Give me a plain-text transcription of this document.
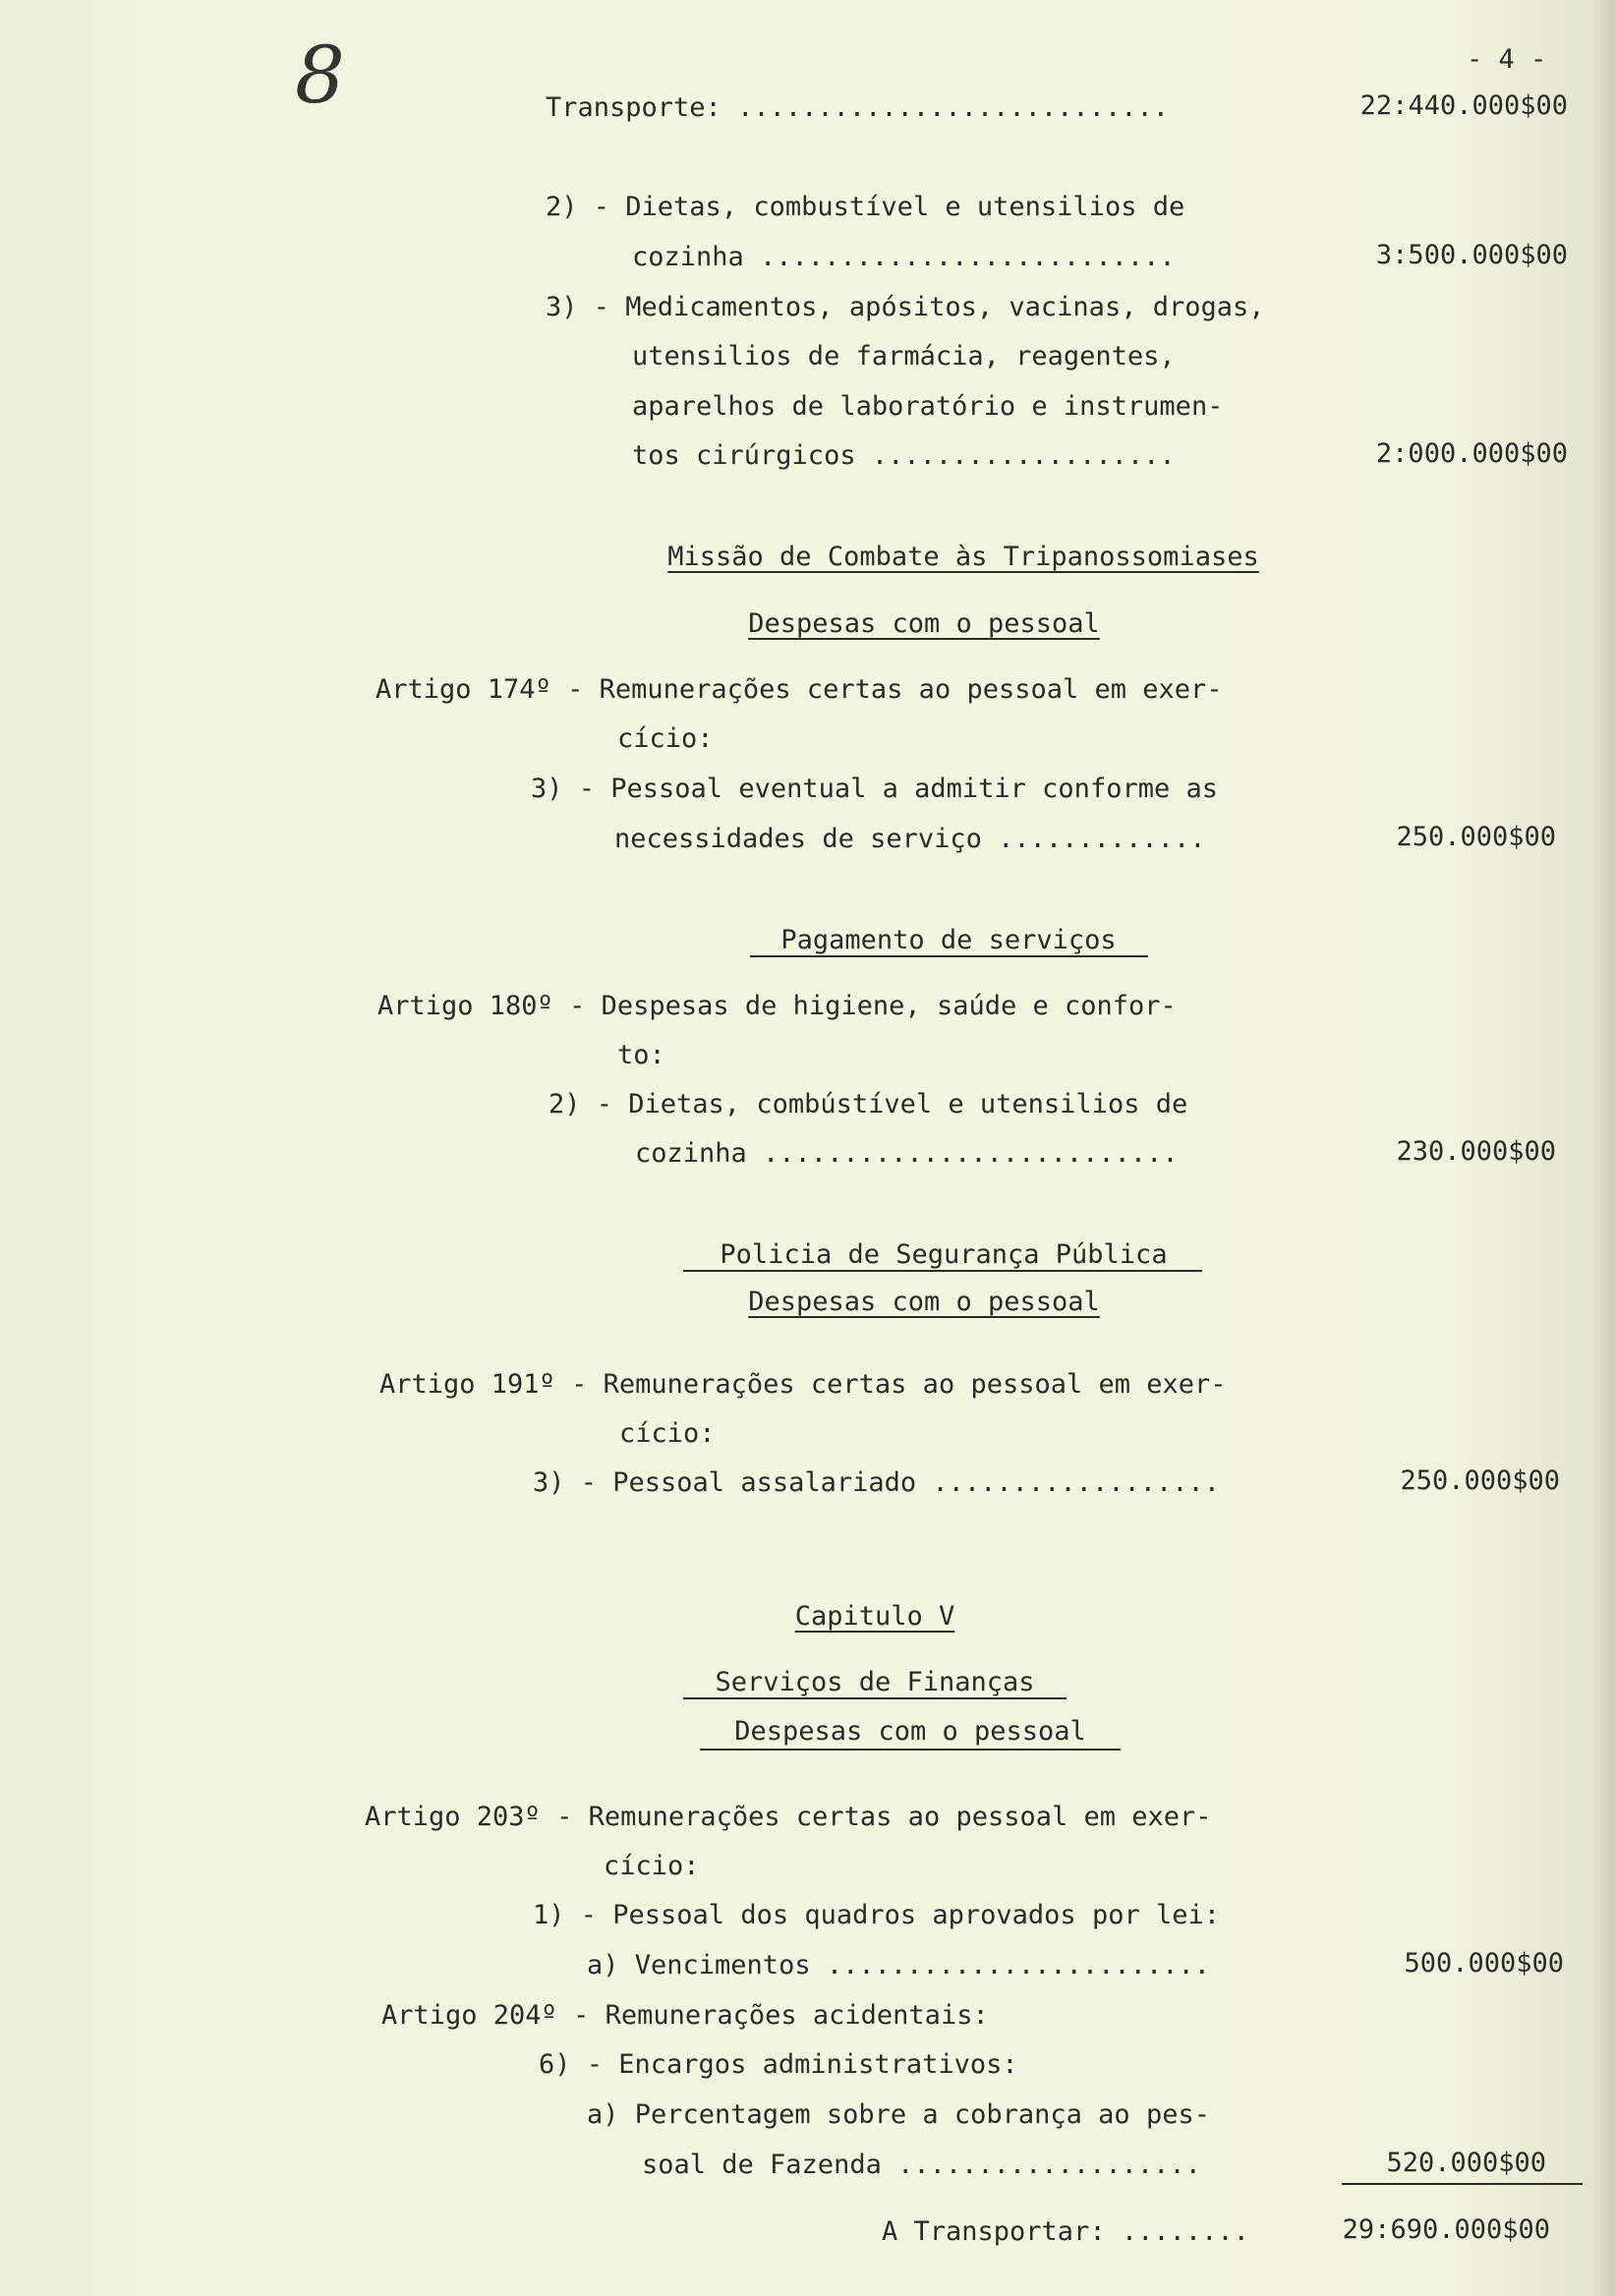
8	- 4 -
Transporte: ...........................	22:440.000$00
2) - Dietas, combustível e utensilios de
cozinha ..........................	3:500.000$00
3) - Medicamentos, apósitos, vacinas, drogas,
utensilios de farmácia, reagentes,
aparelhos de laboratório e instrumen-
tos cirúrgicos ...................	2:000.000$00
Missão de Combate às Tripanossomiases
Despesas com o pessoal
Artigo 174º - Remunerações certas ao pessoal em exer-
cício:
3) - Pessoal eventual a admitir conforme as
necessidades de serviço .............	250.000$00
Pagamento de serviços
Artigo 180º - Despesas de higiene, saúde e confor-
to:
2) - Dietas, combústível e utensilios de
cozinha ..........................	230.000$00
Policia de Segurança Pública
Despesas com o pessoal
Artigo 191º - Remunerações certas ao pessoal em exer-
cício:
3) - Pessoal assalariado ..................	250.000$00
Capitulo V
Serviços de Finanças
Despesas com o pessoal
Artigo 203º - Remunerações certas ao pessoal em exer-
cício:
1) - Pessoal dos quadros aprovados por lei:
a) Vencimentos ........................	500.000$00
Artigo 204º - Remunerações acidentais:
6) - Encargos administrativos:
a) Percentagem sobre a cobrança ao pes-
soal de Fazenda ...................	520.000$00
A Transportar: ........	29:690.000$00
